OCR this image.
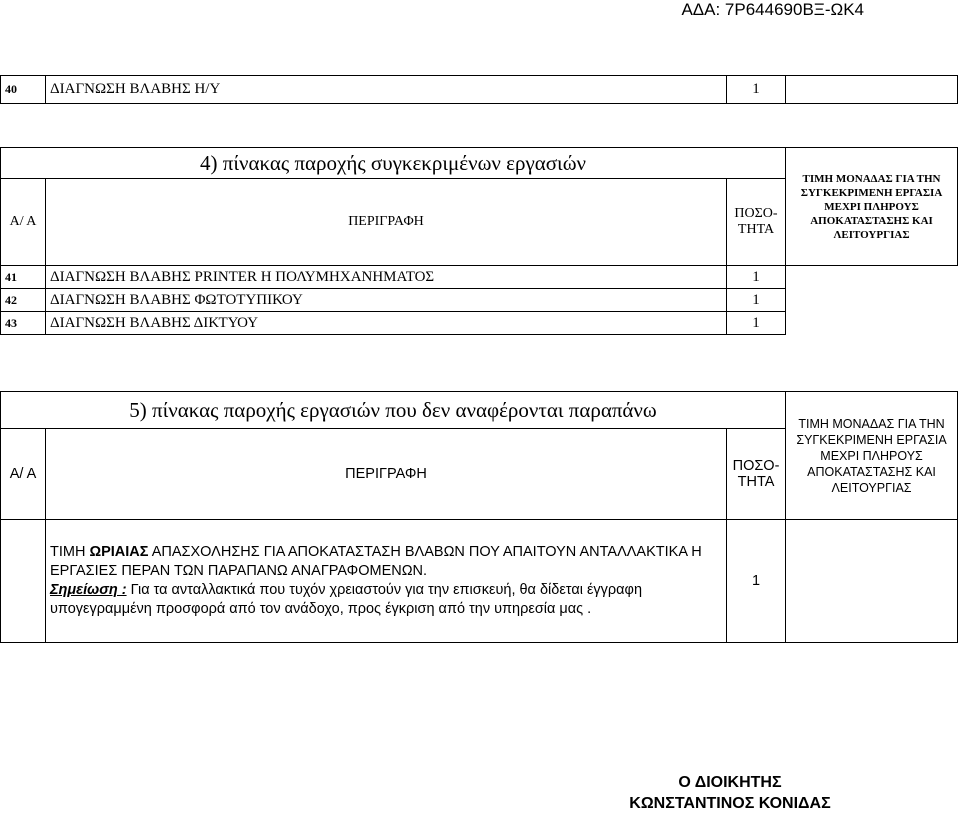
ΑΔΑ: 7Ρ644690ΒΞ-ΩΚ4
40	ΔΙΑΓΝΩΣΗ ΒΛΑΒΗΣ Η/Υ	1	
4) πίνακας παροχής συγκεκριμένων εργασιών			ΤΙΜΗ ΜΟΝΑΔΑΣ ΓΙΑ ΤΗΝ ΣΥΓΚΕΚΡΙΜΕΝΗ ΕΡΓΑΣΙΑ ΜΕΧΡΙ ΠΛΗΡΟΥΣ ΑΠΟΚΑΤΑΣΤΑΣΗΣ ΚΑΙ ΛΕΙΤΟΥΡΓΙΑΣ
Α/ Α	ΠΕΡΙΓΡΑΦΗ	ΠΟΣΟ- ΤΗΤΑ	
41	ΔΙΑΓΝΩΣΗ ΒΛΑΒΗΣ PRINTER Η ΠΟΛΥΜΗΧΑΝΗΜΑΤΟΣ	1	
42	ΔΙΑΓΝΩΣΗ ΒΛΑΒΗΣ ΦΩΤΟΤΥΠΙΚΟΥ	1	
43	ΔΙΑΓΝΩΣΗ ΒΛΑΒΗΣ ΔΙΚΤΥΟΥ	1	
5) πίνακας παροχής εργασιών που δεν αναφέρονται παραπάνω			ΤΙΜΗ ΜΟΝΑΔΑΣ ΓΙΑ ΤΗΝ ΣΥΓΚΕΚΡΙΜΕΝΗ ΕΡΓΑΣΙΑ ΜΕΧΡΙ ΠΛΗΡΟΥΣ ΑΠΟΚΑΤΑΣΤΑΣΗΣ ΚΑΙ ΛΕΙΤΟΥΡΓΙΑΣ
Α/ Α	ΠΕΡΙΓΡΑΦΗ	ΠΟΣΟ- ΤΗΤΑ	
	ΤΙΜΗ ΩΡΙΑΙΑΣ ΑΠΑΣΧΟΛΗΣΗΣ ΓΙΑ ΑΠΟΚΑΤΑΣΤΑΣΗ ΒΛΑΒΩΝ ΠΟΥ ΑΠΑΙΤΟΥΝ ΑΝΤΑΛΛΑΚΤΙΚΑ Η ΕΡΓΑΣΙΕΣ ΠΕΡΑΝ ΤΩΝ ΠΑΡΑΠΑΝΩ ΑΝΑΓΡΑΦΟΜΕΝΩΝ.
Σημείωση : Για τα ανταλλακτικά που τυχόν χρειαστούν για την επισκευή, θα δίδεται έγγραφη υπογεγραμμένη προσφορά από τον ανάδοχο, προς έγκριση από την υπηρεσία μας .	1	
Ο ΔΙΟΙΚΗΤΗΣ
ΚΩΝΣΤΑΝΤΙΝΟΣ ΚΟΝΙΔΑΣ
